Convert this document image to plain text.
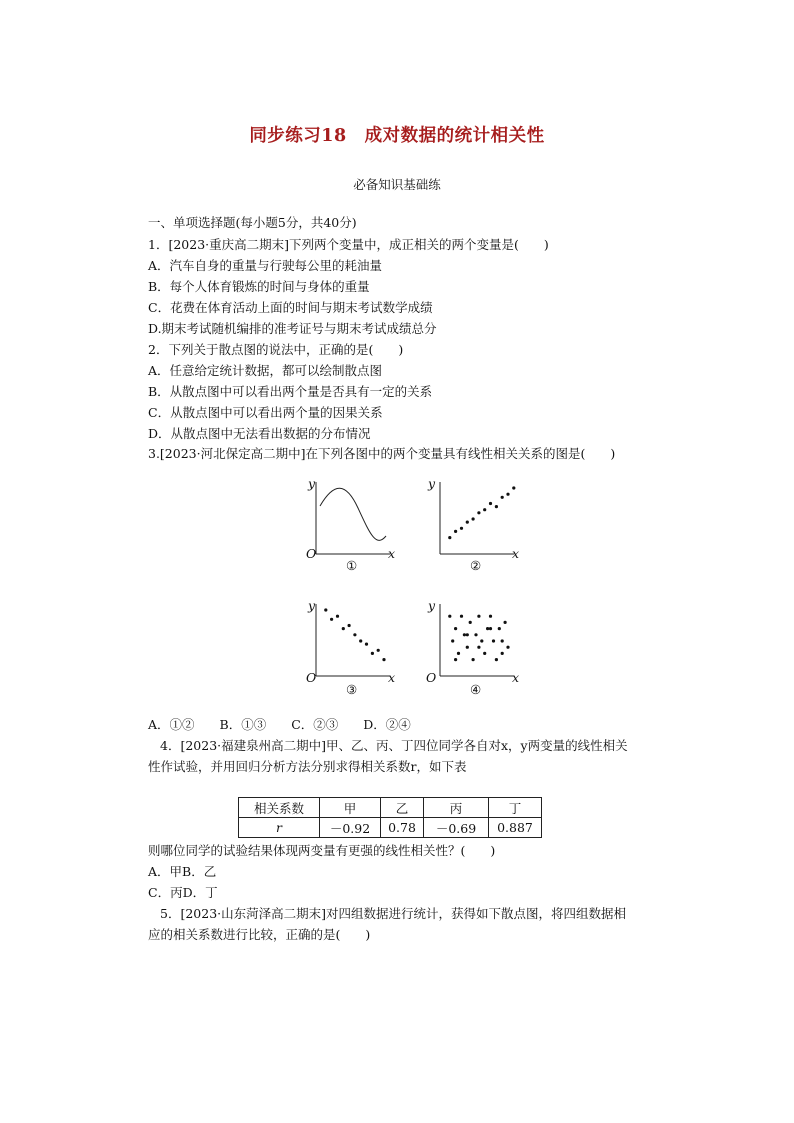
同步练习18　成对数据的统计相关性
必备知识基础练
一、单项选择题(每小题5分，共40分)
1．[2023·重庆高二期末]下列两个变量中，成正相关的两个变量是(　　)
A．汽车自身的重量与行驶每公里的耗油量
B．每个人体育锻炼的时间与身体的重量
C．花费在体育活动上面的时间与期末考试数学成绩
D.期末考试随机编排的准考证号与期末考试成绩总分
2．下列关于散点图的说法中，正确的是(　　)
A．任意给定统计数据，都可以绘制散点图
B．从散点图中可以看出两个量是否具有一定的关系
C．从散点图中可以看出两个量的因果关系
D．从散点图中无法看出数据的分布情况
3.[2023·河北保定高二期中]在下列各图中的两个变量具有线性相关关系的图是(　　)
y
O	x
①
y
x
②
y
O	x
③
y
O	x
④
A．①②　　B．①③　　C．②③　　D．②④
4．[2023·福建泉州高二期中]甲、乙、丙、丁四位同学各自对x，y两变量的线性相关
性作试验，并用回归分析方法分别求得相关系数r，如下表
相关系数	甲	乙	丙	丁
r	－0.92	0.78	－0.69	0.887
则哪位同学的试验结果体现两变量有更强的线性相关性？(　　)
A．甲B．乙
C．丙D．丁
5．[2023·山东菏泽高二期末]对四组数据进行统计，获得如下散点图，将四组数据相
应的相关系数进行比较，正确的是(　　)
